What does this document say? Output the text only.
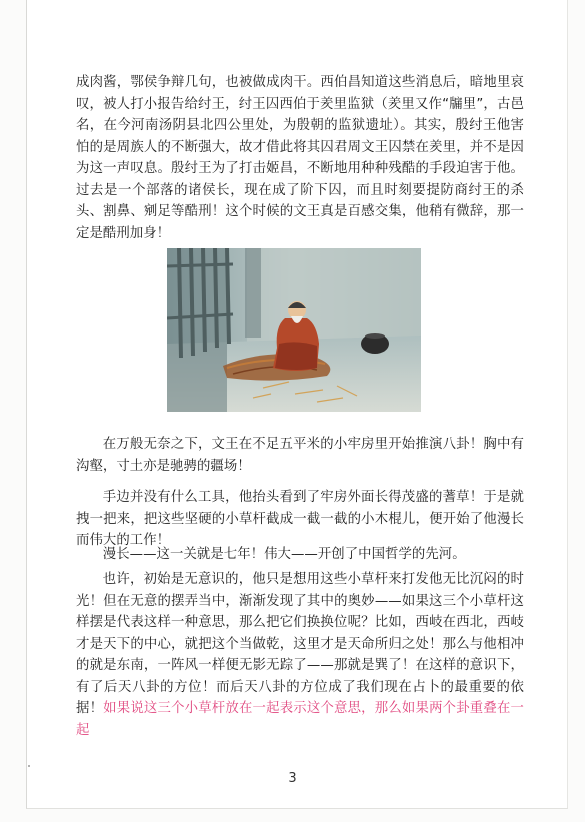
成肉酱，鄂侯争辩几句，也被做成肉干。西伯昌知道这些消息后，暗地里哀叹，被人打小报告给纣王，纣王囚西伯于羑里监狱（羑里又作“牖里”，古邑名，在今河南汤阴县北四公里处，为殷朝的监狱遗址）。其实，殷纣王他害怕的是周族人的不断强大，故才借此将其囚君周文王囚禁在羑里，并不是因为这一声叹息。殷纣王为了打击姬昌，不断地用种种残酷的手段迫害于他。过去是一个部落的诸侯长，现在成了阶下囚，而且时刻要提防商纣王的杀头、割鼻、剜足等酷刑！这个时候的文王真是百感交集，他稍有微辞，那一定是酷刑加身！

在万般无奈之下，文王在不足五平米的小牢房里开始推演八卦！胸中有沟壑，寸土亦是驰骋的疆场！

手边并没有什么工具，他抬头看到了牢房外面长得茂盛的蓍草！于是就拽一把来，把这些坚硬的小草杆截成一截一截的小木棍儿，便开始了他漫长而伟大的工作！

漫长——这一关就是七年！伟大——开创了中国哲学的先河。

也许，初始是无意识的，他只是想用这些小草杆来打发他无比沉闷的时光！但在无意的摆弄当中，渐渐发现了其中的奥妙——如果这三个小草杆这样摆是代表这样一种意思，那么把它们换换位呢？比如，西岐在西北，西岐才是天下的中心，就把这个当做乾，这里才是天命所归之处！那么与他相冲的就是东南，一阵风一样便无影无踪了——那就是巽了！在这样的意识下，有了后天八卦的方位！而后天八卦的方位成了我们现在占卜的最重要的依据！如果说这三个小草杆放在一起表示这个意思，那么如果两个卦重叠在一起

3
